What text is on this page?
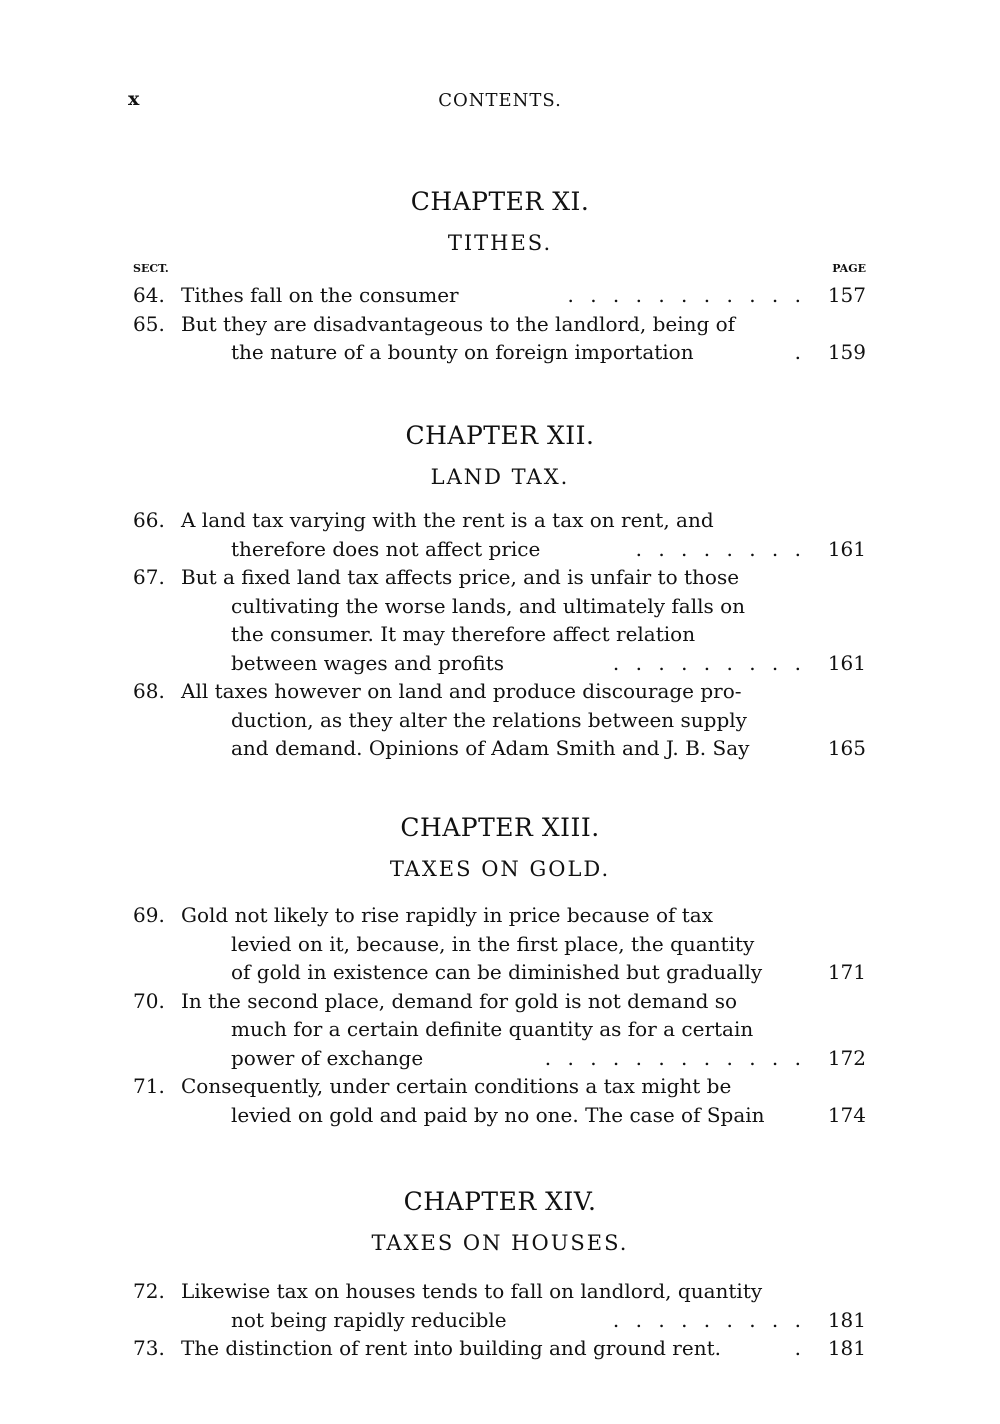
x	CONTENTS.
CHAPTER XI.
TITHES.
SECT.	PAGE
64. Tithes fall on the consumer	. . . . . . . . . . .	157
65. But they are disadvantageous to the landlord, being of
the nature of a bounty on foreign importation	.	159
CHAPTER XII.
LAND TAX.
66. A land tax varying with the rent is a tax on rent, and
therefore does not affect price	. . . . . . . .	161
67. But a fixed land tax affects price, and is unfair to those
cultivating the worse lands, and ultimately falls on
the consumer. It may therefore affect relation
between wages and profits	. . . . . . . . .	161
68. All taxes however on land and produce discourage pro-
duction, as they alter the relations between supply
and demand. Opinions of Adam Smith and J. B. Say	165
CHAPTER XIII.
TAXES ON GOLD.
69. Gold not likely to rise rapidly in price because of tax
levied on it, because, in the first place, the quantity
of gold in existence can be diminished but gradually	171
70. In the second place, demand for gold is not demand so
much for a certain definite quantity as for a certain
power of exchange	. . . . . . . . . . . .	172
71. Consequently, under certain conditions a tax might be
levied on gold and paid by no one. The case of Spain	174
CHAPTER XIV.
TAXES ON HOUSES.
72. Likewise tax on houses tends to fall on landlord, quantity
not being rapidly reducible	. . . . . . . . .	181
73. The distinction of rent into building and ground rent.	.	181
